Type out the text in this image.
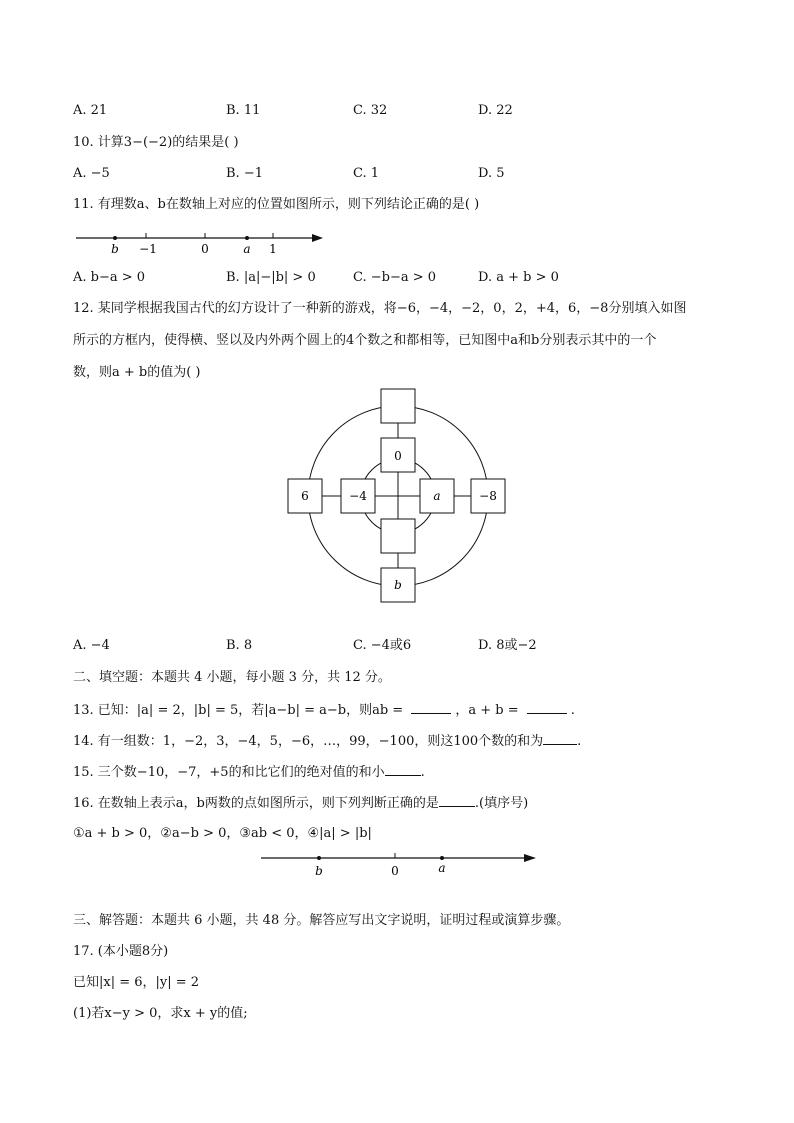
A. 21	B. 11	C. 32	D. 22
10. 计算3−(−2)的结果是( )
A. −5	B. −1	C. 1	D. 5
11. 有理数a、b在数轴上对应的位置如图所示，则下列结论正确的是( )
b −1	0	a 1
A. b−a > 0	B. |a|−|b| > 0	C. −b−a > 0	D. a + b > 0
12. 某同学根据我国古代的幻方设计了一种新的游戏，将−6，−4，−2，0，2，+4，6，−8分别填入如图
所示的方框内，使得横、竖以及内外两个圆上的4个数之和都相等，已知图中a和b分别表示其中的一个
数，则a + b的值为( )
0
6	−4	a	−8
b
A. −4	B. 8	C. −4或6	D. 8或−2
二、填空题：本题共 4 小题，每小题 3 分，共 12 分。
13. 已知：|a| = 2，|b| = 5，若|a−b| = a−b，则ab =	，a + b =	.
14. 有一组数：1，−2，3，−4，5，−6，…，99，−100，则这100个数的和为	.
15. 三个数−10，−7，+5的和比它们的绝对值的和小	.
16. 在数轴上表示a，b两数的点如图所示，则下列判断正确的是	.(填序号)
①a + b > 0，②a−b > 0，③ab < 0，④|a| > |b|
b	0	a
三、解答题：本题共 6 小题，共 48 分。解答应写出文字说明，证明过程或演算步骤。
17. (本小题8分)
已知|x| = 6，|y| = 2
(1)若x−y > 0，求x + y的值;
